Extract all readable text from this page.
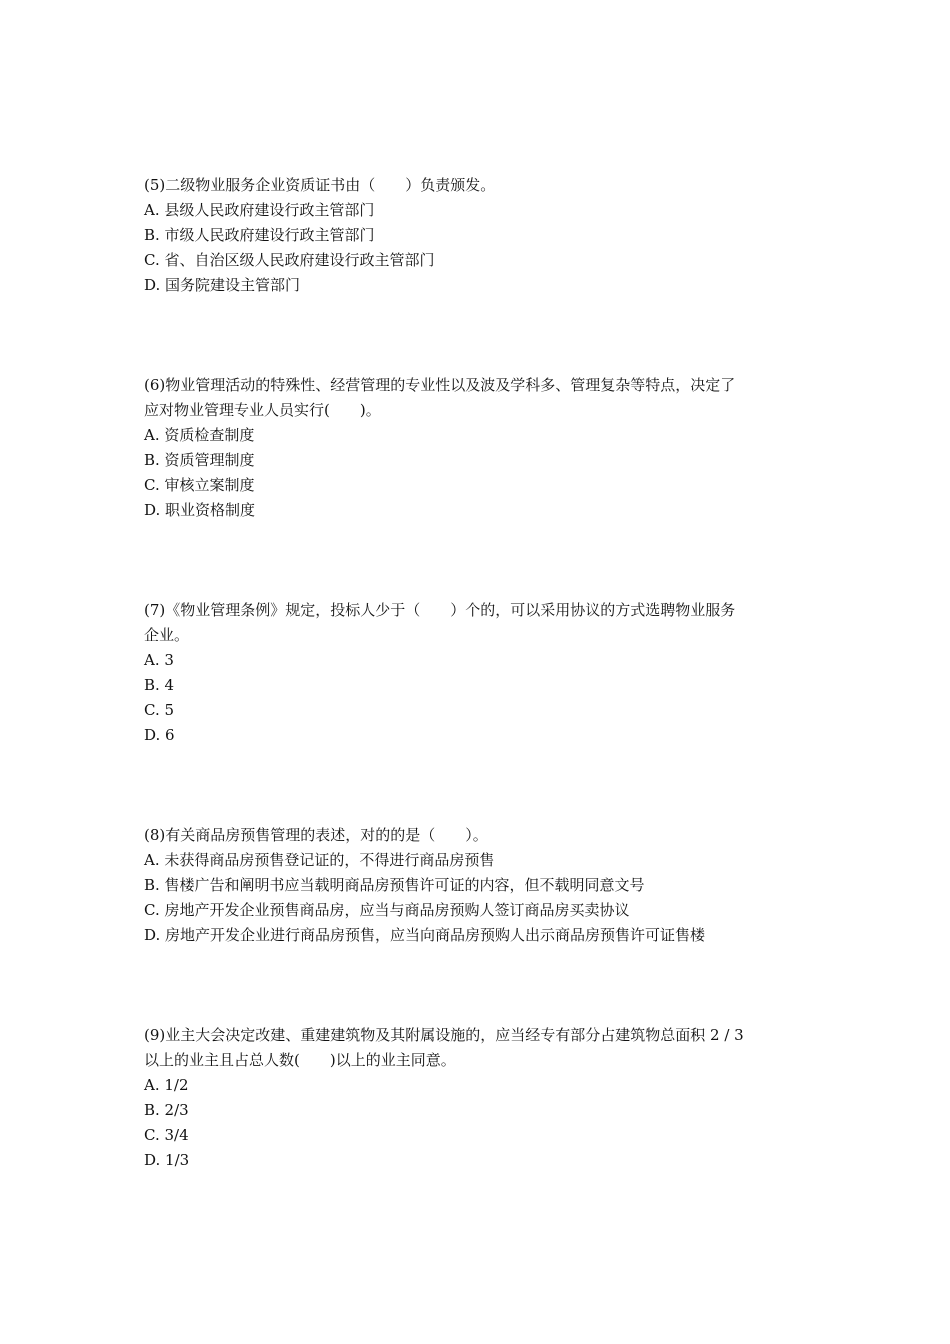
(5)二级物业服务企业资质证书由（　　）负责颁发。
A. 县级人民政府建设行政主管部门
B. 市级人民政府建设行政主管部门
C. 省、自治区级人民政府建设行政主管部门
D. 国务院建设主管部门
(6)物业管理活动的特殊性、经营管理的专业性以及波及学科多、管理复杂等特点，决定了
应对物业管理专业人员实行(　　)。
A. 资质检查制度
B. 资质管理制度
C. 审核立案制度
D. 职业资格制度
(7)《物业管理条例》规定，投标人少于（　　）个的，可以采用协议的方式选聘物业服务
企业。
A. 3
B. 4
C. 5
D. 6
(8)有关商品房预售管理的表述，对的的是（　　）。
A. 未获得商品房预售登记证的，不得进行商品房预售
B. 售楼广告和阐明书应当载明商品房预售许可证的内容，但不载明同意文号
C. 房地产开发企业预售商品房，应当与商品房预购人签订商品房买卖协议
D. 房地产开发企业进行商品房预售，应当向商品房预购人出示商品房预售许可证售楼
(9)业主大会决定改建、重建建筑物及其附属设施的，应当经专有部分占建筑物总面积 2 / 3
以上的业主且占总人数(　　)以上的业主同意。
A. 1/2
B. 2/3
C. 3/4
D. 1/3
